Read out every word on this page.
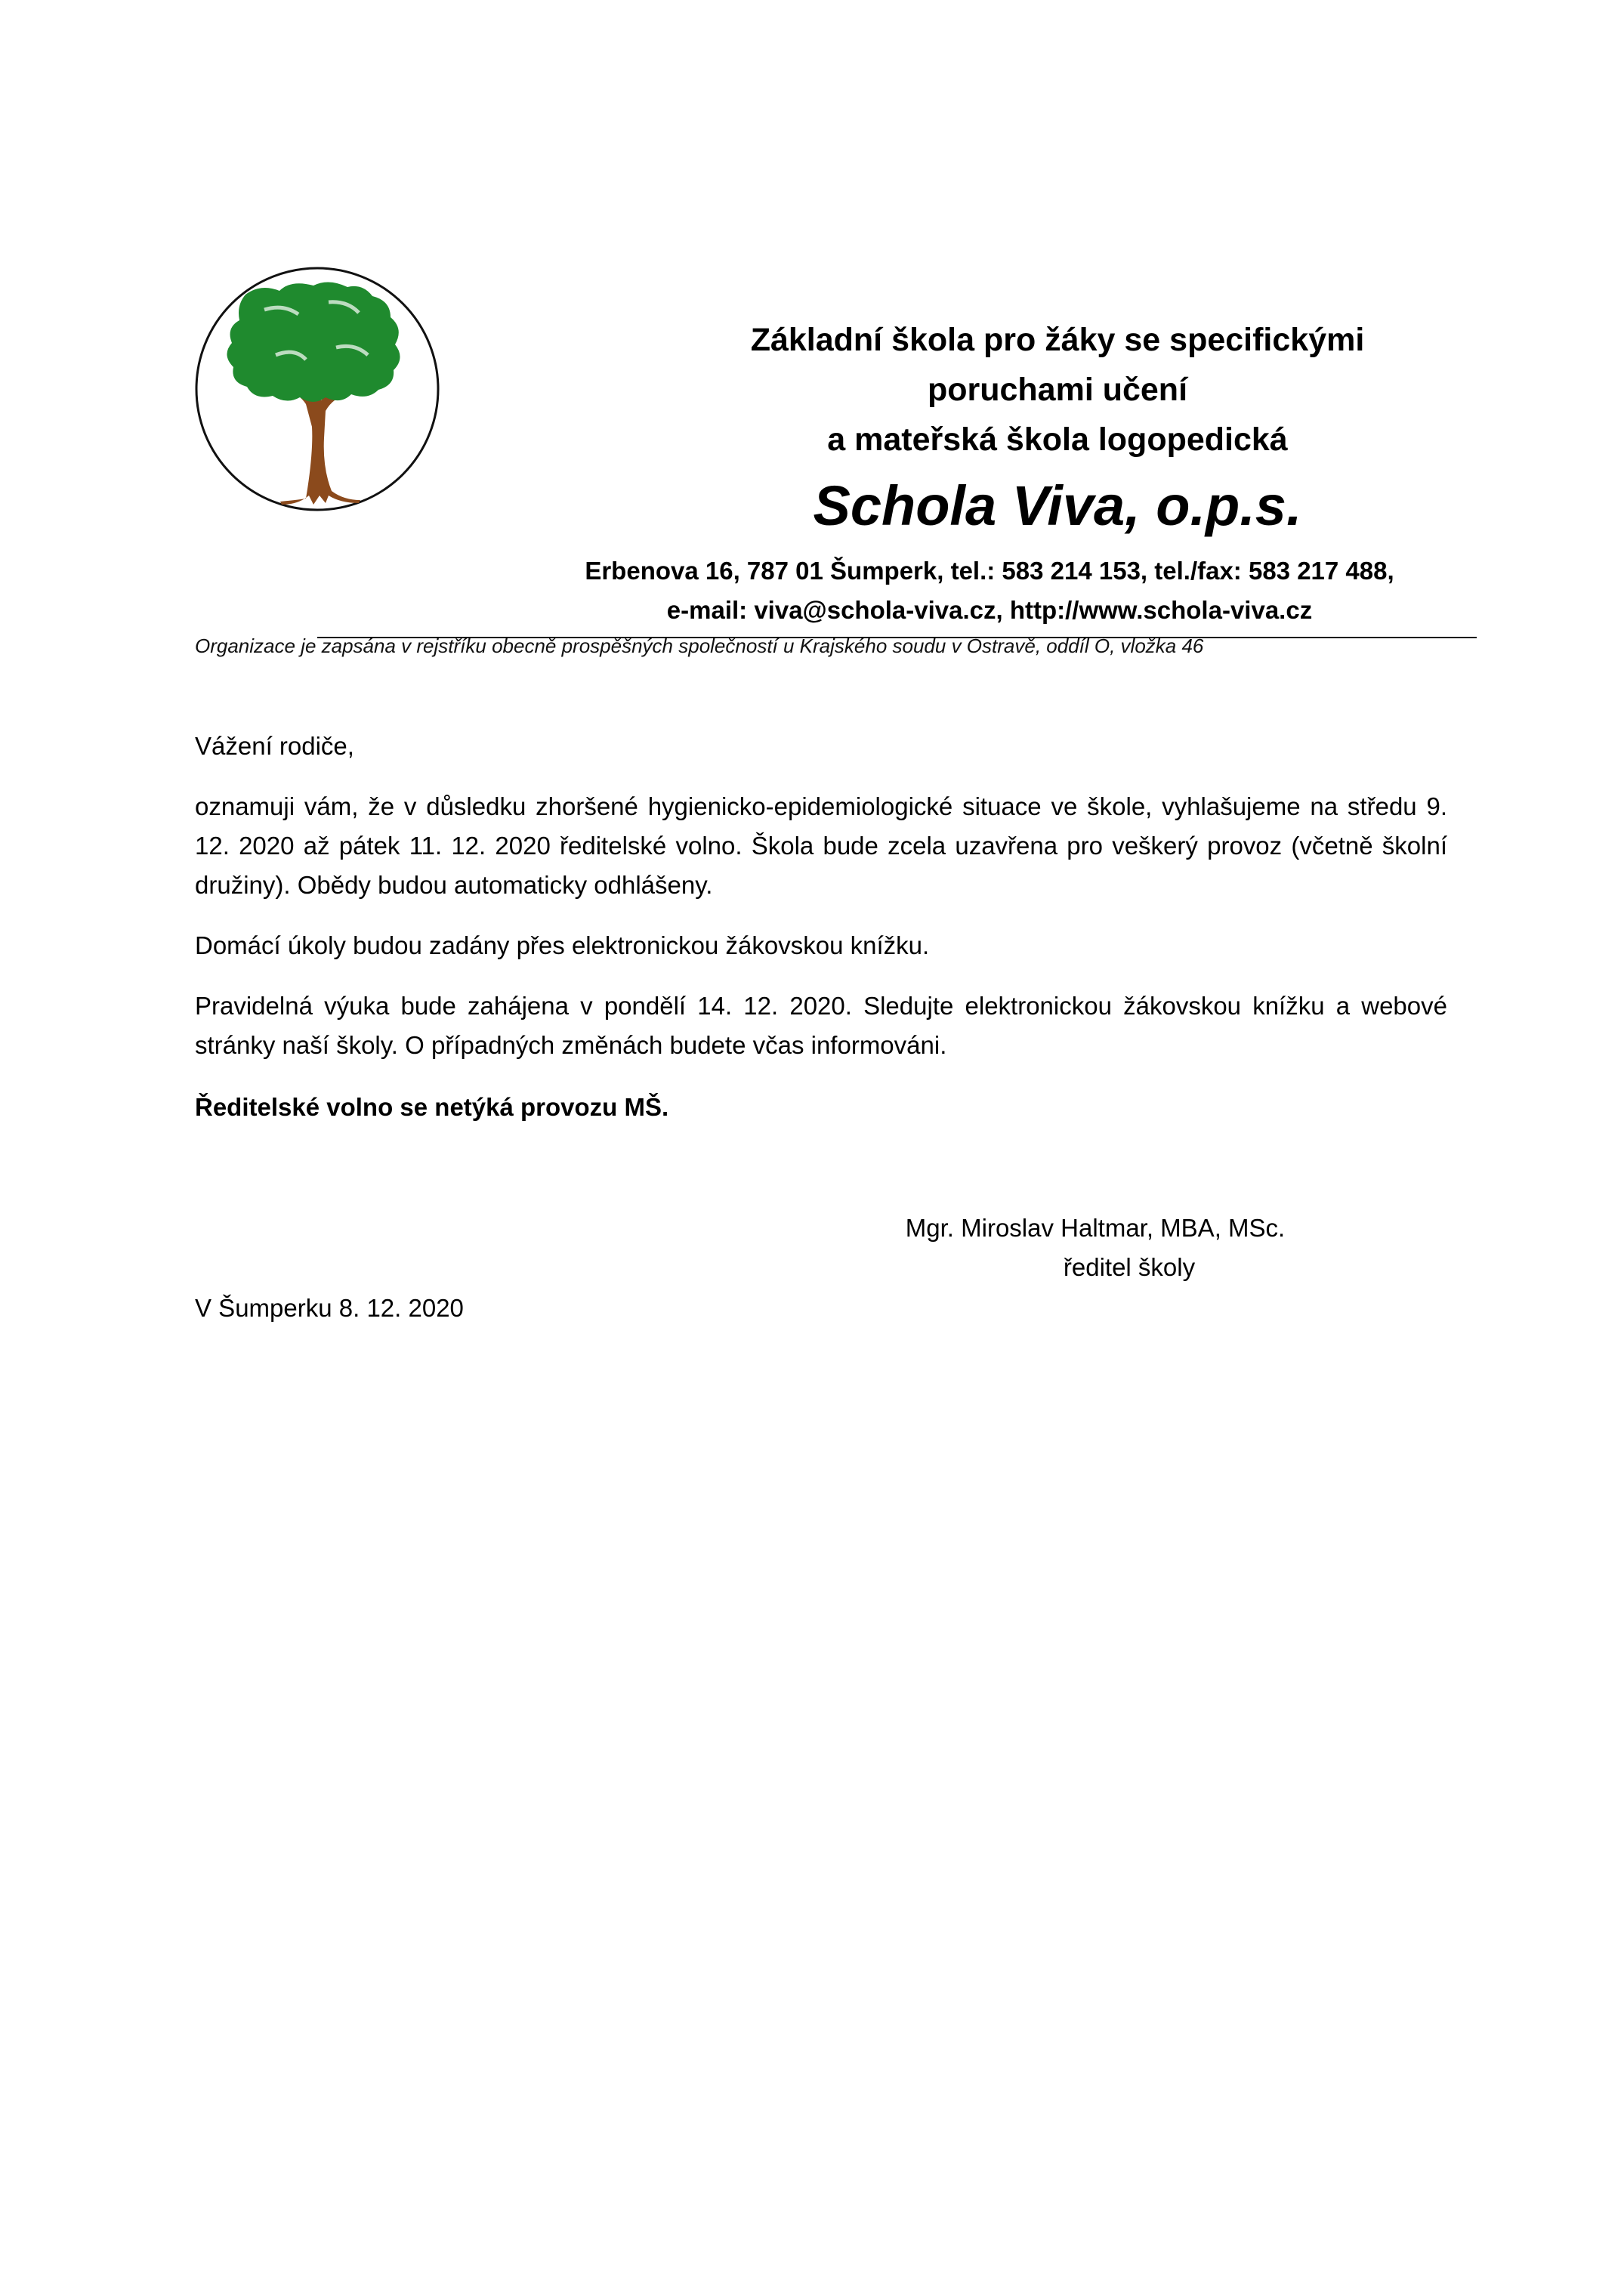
Základní škola pro žáky se specifickými
poruchami učení
a mateřská škola logopedická
Schola Viva, o.p.s.
Erbenova 16, 787 01 Šumperk, tel.: 583 214 153, tel./fax: 583 217 488,
e-mail: viva@schola-viva.cz, http://www.schola-viva.cz
Organizace je zapsána v rejstříku obecně prospěšných společností u Krajského soudu v Ostravě, oddíl O, vložka 46
Vážení rodiče,
oznamuji vám, že v důsledku zhoršené hygienicko-epidemiologické situace ve škole, vyhlašujeme na středu 9. 12. 2020 až pátek 11. 12. 2020 ředitelské volno. Škola bude zcela uzavřena pro veškerý provoz (včetně školní družiny). Obědy budou automaticky odhlášeny.
Domácí úkoly budou zadány přes elektronickou žákovskou knížku.
Pravidelná výuka bude zahájena v pondělí 14. 12. 2020. Sledujte elektronickou žákovskou knížku a webové stránky naší školy. O případných změnách budete včas informováni.
Ředitelské volno se netýká provozu MŠ.
Mgr. Miroslav Haltmar, MBA, MSc.
ředitel školy
V Šumperku 8. 12. 2020
